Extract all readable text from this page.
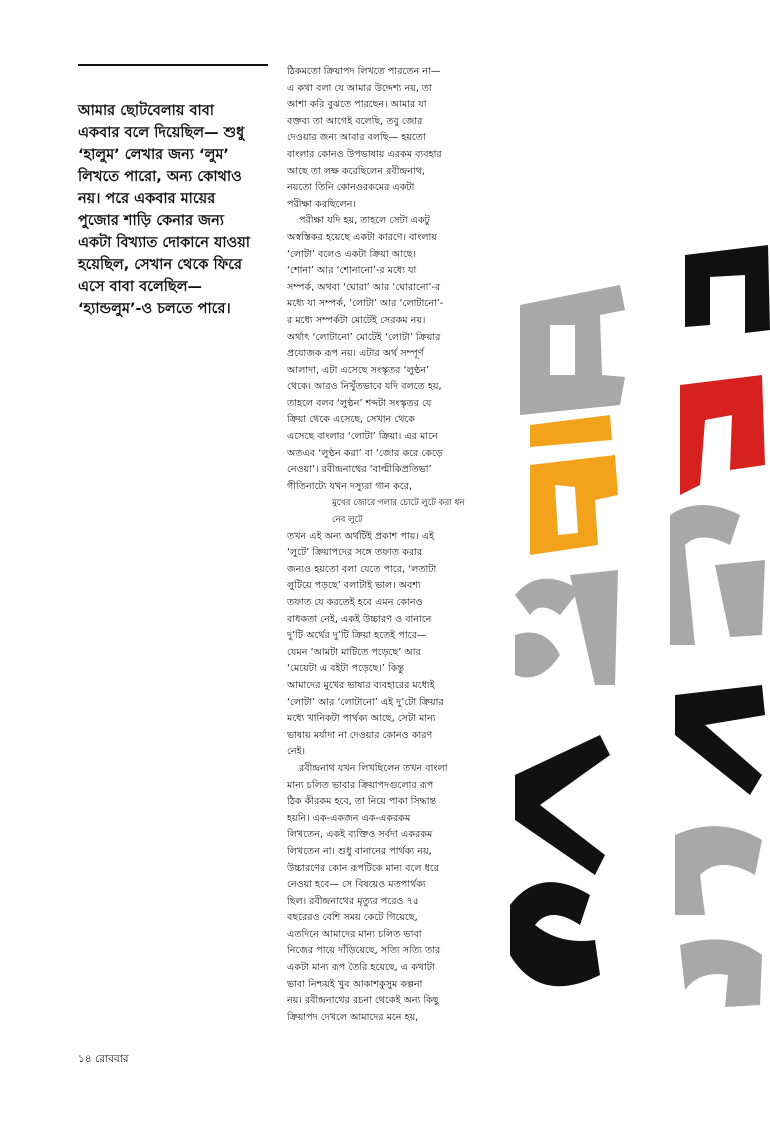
আমার ছোটবেলায় বাবা
একবার বলে দিয়েছিল— শুধু
‘হালুম’ লেখার জন্য ‘লুম’
লিখতে পারো, অন্য কোথাও
নয়। পরে একবার মায়ের
পুজোর শাড়ি কেনার জন্য
একটা বিখ্যাত দোকানে যাওয়া
হয়েছিল, সেখান থেকে ফিরে
এসে বাবা বলেছিল—
‘হ্যান্ডলুম’-ও চলতে পারে।
ঠিকমতো ক্রিয়াপদ লিখতে পারতেন না—
এ কথা বলা যে আমার উদ্দেশ্য নয়, তা
আশা করি বুঝতে পারছেন। আমার যা
বক্তব্য তা আগেই বলেছি, তবু জোর
দেওয়ার জন্য আবার বলছি— হয়তো
বাংলার কোনও উপভাষায় এরকম ব্যবহার
আছে তা লক্ষ করেছিলেন রবীন্দ্রনাথ,
নয়তো তিনি কোনওরকমের একটা
পরীক্ষা করছিলেন।
পরীক্ষা যদি হয়, তাহলে সেটা একটু
অস্বস্তিকর হয়েছে একটা কারণে। বাংলায়
‘লোটা’ বলেও একটা ক্রিয়া আছে।
‘শোনা’ আর ‘শোনানো’-র মধ্যে যা
সম্পর্ক, অথবা ‘ঘোরা’ আর ‘ঘোরানো’-র
মধ্যে যা সম্পর্ক, ‘লোটা’ আর ‘লোটানো’-
র মধ্যে সম্পর্কটা মোটেই সেরকম নয়।
অর্থাৎ ‘লোটানো’ মোটেই ‘লোটা’ ক্রিয়ার
প্রযোজক রূপ নয়। এটার অর্থ সম্পূর্ণ
আলাদা, এটা এসেছে সংস্কৃতর ‘লুণ্ঠন’
থেকে। আরও নিখুঁতভাবে যদি বলতে হয়,
তাহলে বলব ‘লুণ্ঠন’ শব্দটা সংস্কৃতর যে
ক্রিয়া থেকে এসেছে, সেখান থেকে
এসেছে বাংলার ‘লোটা’ ক্রিয়া। এর মানে
অতএব ‘লুণ্ঠন করা’ বা ‘জোর করে কেড়ে
নেওয়া’। রবীন্দ্রনাথের ‘বাল্মীকিপ্রতিভা’
গীতিনাট্যে যখন দস্যুরা গান করে,
মুখের জোরে গলার চোটে লুটে করা ধন
নেব লুটে
তখন এই অন্য অর্থটিই প্রকাশ পায়। এই
‘লুটে’ ক্রিয়াপদের সঙ্গে তফাত করার
জন্যও হয়তো বলা যেতে পারে, ‘লতাটা
লুটিয়ে পড়ছে’ বলাটাই ভাল। অবশ্য
তফাত যে করতেই হবে এমন কোনও
বাধকতা নেই, একই উচ্চারণ ও বানানে
দু’টি অর্থের দু’টি ক্রিয়া হতেই পারে—
যেমন ‘আমটা মাটিতে পড়েছে’ আর
‘মেয়েটা এ বইটা পড়েছে।’ কিন্তু
আমাদের মুখের ভাষার ব্যবহারের মধ্যেই
‘লোটা’ আর ‘লোটানো’ এই দু’টো ক্রিয়ার
মধ্যে খানিকটা পার্থক্য আছে, সেটা মান্য
ভাষায় মর্যাদা না দেওয়ার কোনও কারণ
নেই।
রবীন্দ্রনাথ যখন লিখছিলেন তখন বাংলা
মান্য চলিত ভাবার ক্রিয়াপদগুলোর রূপ
ঠিক কীরকম হবে, তা নিয়ে পাকা সিদ্ধান্ত
হয়নি। এক-একজন এক-একরকম
লিখতেন, একই ব্যক্তিও সর্বদা একরকম
লিখতেন না। শুধু বানানের পার্থক্য নয়,
উচ্চারণের কোন রূপটিকে মান্য বলে ধরে
নেওয়া হবে— সে বিষয়েও মতপার্থক্য
ছিল। রবীন্দ্রনাথের মৃত্যুর পরেও ৭৫
বছরেরও বেশি সময় কেটে গিয়েছে,
এতদিনে আমাদের মান্য চলিত ভাবা
নিজের পায়ে দাঁড়িয়েছে, সত্যি সত্যি তার
একটা মান্য রূপ তৈরি হয়েছে, এ কথাটা
ভাবা নিশ্চয়ই খুব আকাশকুসুম কল্পনা
নয়। রবীন্দ্রনাথের রচনা থেকেই অন্য কিছু
ক্রিয়াপদ দেখলে আমাদের মনে হয়,
১৪ রোববার
